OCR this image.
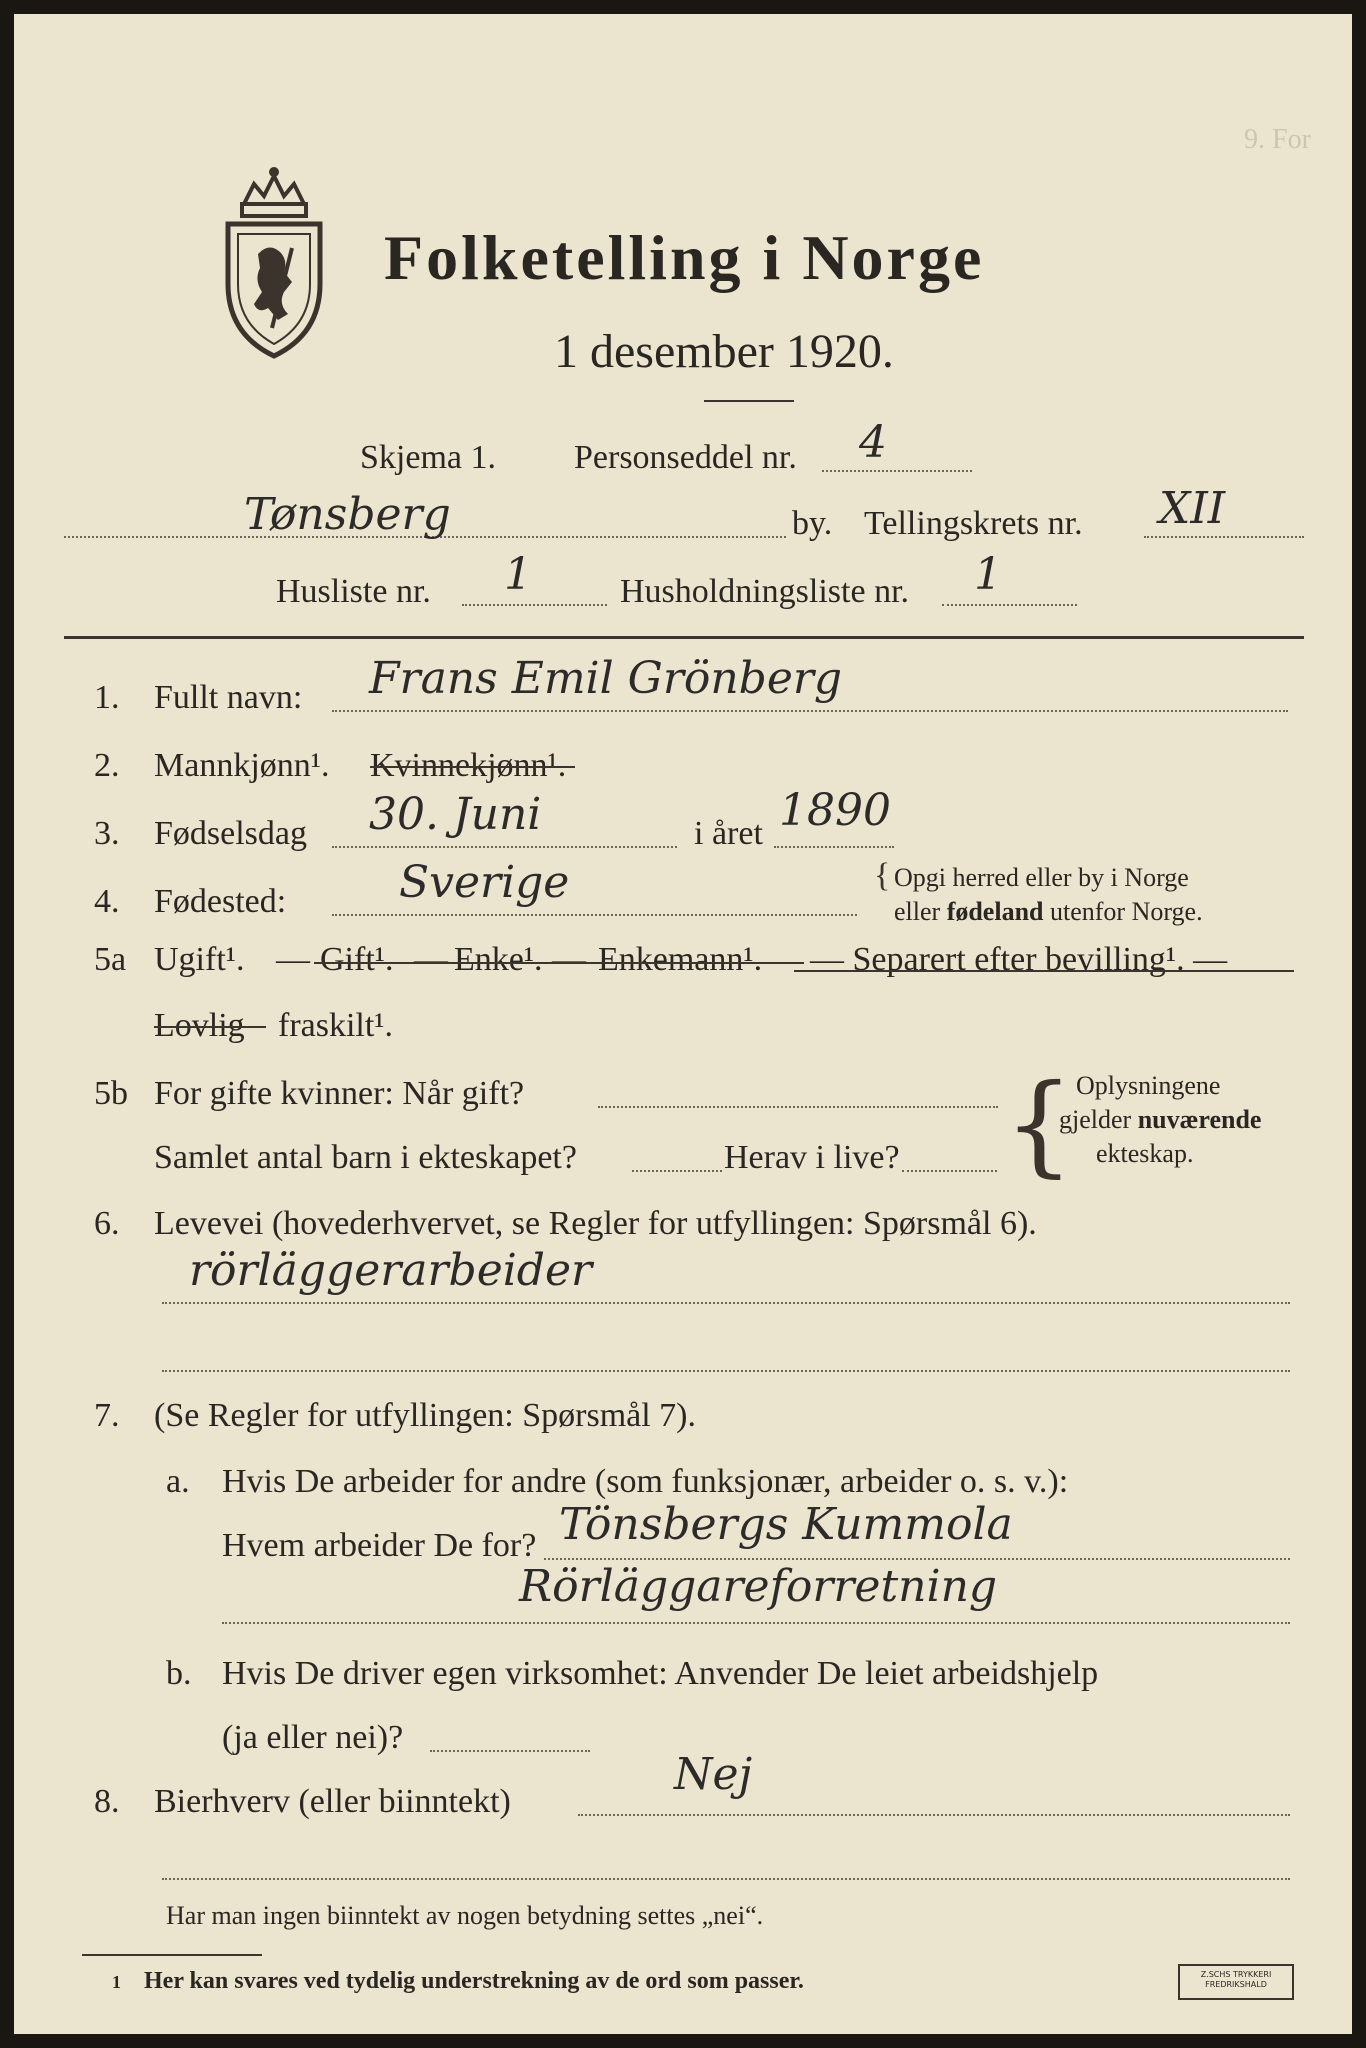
9. For
Folketelling i Norge
1 desember 1920.
Skjema 1. Personseddel nr. 4
Tønsberg	by. Tellingskrets nr. XII
Husliste nr. 1	Husholdningsliste nr. 1
1. Fullt navn: Frans Emil Grönberg
2. Mannkjønn¹. Kvinnekjønn¹.
3. Fødselsdag 30. Juni	i året 1890
4. Fødested:	Sverige	{ Opgi herred eller by i Norge
eller fødeland utenfor Norge.
5a Ugift¹. — Gift¹. — Enke¹. — Enkemann¹. — Separert efter bevilling¹. —
Lovlig fraskilt¹.
5b For gifte kvinner: Når gift?
Samlet antal barn i ekteskapet?	Herav i live? { Oplysningene
gjelder nuværende
ekteskap.
6. Levevei (hovederhvervet, se Regler for utfyllingen: Spørsmål 6).
rörläggerarbeider
7. (Se Regler for utfyllingen: Spørsmål 7).
a. Hvis De arbeider for andre (som funksjonær, arbeider o. s. v.):
Hvem arbeider De for? Tönsbergs Kummola
Rörläggareforretning
b. Hvis De driver egen virksomhet: Anvender De leiet arbeidshjelp
(ja eller nei)?
8. Bierhverv (eller biinntekt)
Nej
Har man ingen biinntekt av nogen betydning settes „nei“.
1 Her kan svares ved tydelig understrekning av de ord som passer.	Z.SCHS TRYKKERI FREDRIKSHALD
